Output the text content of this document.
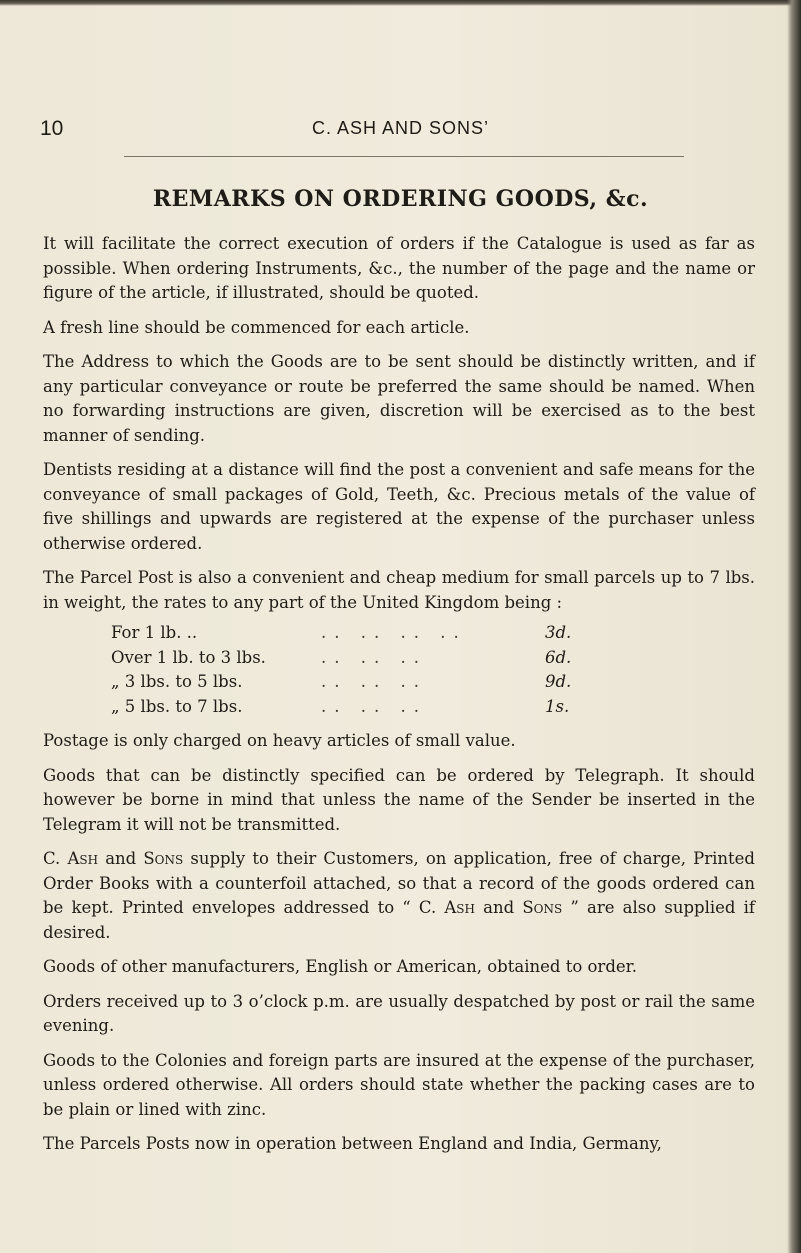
10	C. ASH AND SONS’
REMARKS ON ORDERING GOODS, &c.

It will facilitate the correct execution of orders if the Catalogue is used as far as possible. When ordering Instruments, &c., the number of the page and the name or figure of the article, if illustrated, should be quoted.

A fresh line should be commenced for each article.

The Address to which the Goods are to be sent should be distinctly written, and if any particular conveyance or route be preferred the same should be named. When no forwarding instructions are given, discretion will be exercised as to the best manner of sending.

Dentists residing at a distance will find the post a convenient and safe means for the conveyance of small packages of Gold, Teeth, &c. Precious metals of the value of five shillings and upwards are registered at the expense of the purchaser unless otherwise ordered.

The Parcel Post is also a convenient and cheap medium for small parcels up to 7 lbs. in weight, the rates to any part of the United Kingdom being :

For 1 lb. ..	.. .. .. ..	3d.
Over 1 lb. to 3 lbs.	.. .. ..	6d.
„ 3 lbs. to 5 lbs.	.. .. ..	9d.
„ 5 lbs. to 7 lbs.	.. .. ..	1s.

Postage is only charged on heavy articles of small value.

Goods that can be distinctly specified can be ordered by Telegraph. It should however be borne in mind that unless the name of the Sender be inserted in the Telegram it will not be transmitted.

C. Ash and Sons supply to their Customers, on application, free of charge, Printed Order Books with a counterfoil attached, so that a record of the goods ordered can be kept. Printed envelopes addressed to “ C. Ash and Sons ” are also supplied if desired.

Goods of other manufacturers, English or American, obtained to order.

Orders received up to 3 o’clock p.m. are usually despatched by post or rail the same evening.

Goods to the Colonies and foreign parts are insured at the expense of the purchaser, unless ordered otherwise. All orders should state whether the packing cases are to be plain or lined with zinc.

The Parcels Posts now in operation between England and India, Germany,
